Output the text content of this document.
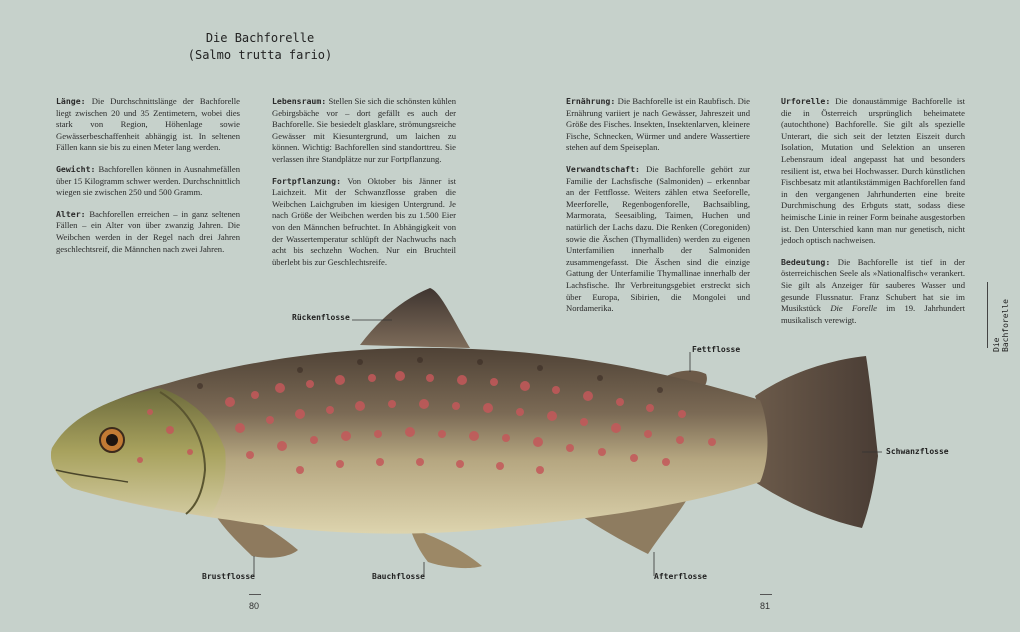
Die Bachforelle
(Salmo trutta fario)

Länge: Die Durchschnittslänge der Bachforelle liegt zwischen 20 und 35 Zentimetern, wobei dies stark von Region, Höhenlage sowie Gewässerbeschaffenheit abhängig ist. In seltenen Fällen kann sie bis zu einen Meter lang werden.

Gewicht: Bachforellen können in Ausnahmefällen über 15 Kilogramm schwer werden. Durchschnittlich wiegen sie zwischen 250 und 500 Gramm.

Alter: Bachforellen erreichen – in ganz seltenen Fällen – ein Alter von über zwanzig Jahren. Die Weibchen werden in der Regel nach drei Jahren geschlechtsreif, die Männchen nach zwei Jahren.

Lebensraum: Stellen Sie sich die schönsten kühlen Gebirgsbäche vor – dort gefällt es auch der Bachforelle. Sie besiedelt glasklare, strömungsreiche Gewässer mit Kiesuntergrund, um laichen zu können. Wichtig: Bachforellen sind standorttreu. Sie verlassen ihre Standplätze nur zur Fortpflanzung.

Fortpflanzung: Von Oktober bis Jänner ist Laichzeit. Mit der Schwanzflosse graben die Weibchen Laichgruben im kiesigen Untergrund. Je nach Größe der Weibchen werden bis zu 1.500 Eier von den Männchen befruchtet. In Abhängigkeit von der Wassertemperatur schlüpft der Nachwuchs nach acht bis sechzehn Wochen. Nur ein Bruchteil überlebt bis zur Geschlechtsreife.

Ernährung: Die Bachforelle ist ein Raubfisch. Die Ernährung variiert je nach Gewässer, Jahreszeit und Größe des Fisches. Insekten, Insektenlarven, kleinere Fische, Schnecken, Würmer und andere Wassertiere stehen auf dem Speiseplan.

Verwandtschaft: Die Bachforelle gehört zur Familie der Lachsfische (Salmoniden) – erkennbar an der Fettflosse. Weiters zählen etwa Seeforelle, Meerforelle, Regenbogenforelle, Bachsaibling, Marmorata, Seesaibling, Taimen, Huchen und natürlich der Lachs dazu. Die Renken (Coregoniden) sowie die Äschen (Thymalliden) werden zu eigenen Unterfamilien innerhalb der Salmoniden zusammengefasst. Die Äschen sind die einzige Gattung der Unterfamilie Thymallinae innerhalb der Lachsfische. Ihr Verbreitungsgebiet erstreckt sich über Europa, Sibirien, die Mongolei und Nordamerika.

Urforelle: Die donaustämmige Bachforelle ist die in Österreich ursprünglich beheimatete (autochthone) Bachforelle. Sie gilt als spezielle Unterart, die sich seit der letzten Eiszeit durch Isolation, Mutation und Selektion an unseren Lebensraum ideal angepasst hat und besonders resilient ist, etwa bei Hochwasser. Durch künstlichen Fischbesatz mit atlantikstämmigen Bachforellen fand in den vergangenen Jahrhunderten eine breite Durchmischung des Erbguts statt, sodass diese heimische Linie in reiner Form beinahe ausgestorben ist. Den Unterschied kann man nur genetisch, nicht jedoch optisch nachweisen.

Bedeutung: Die Bachforelle ist tief in der österreichischen Seele als »Nationalfisch« verankert. Sie gilt als Anzeiger für sauberes Wasser und gesunde Flussnatur. Franz Schubert hat sie im Musikstück Die Forelle im 19. Jahrhundert musikalisch verewigt.

Rückenflosse
Fettflosse
Schwanzflosse
Brustflosse	Bauchflosse	Afterflosse
80	81
Die Bachforelle
